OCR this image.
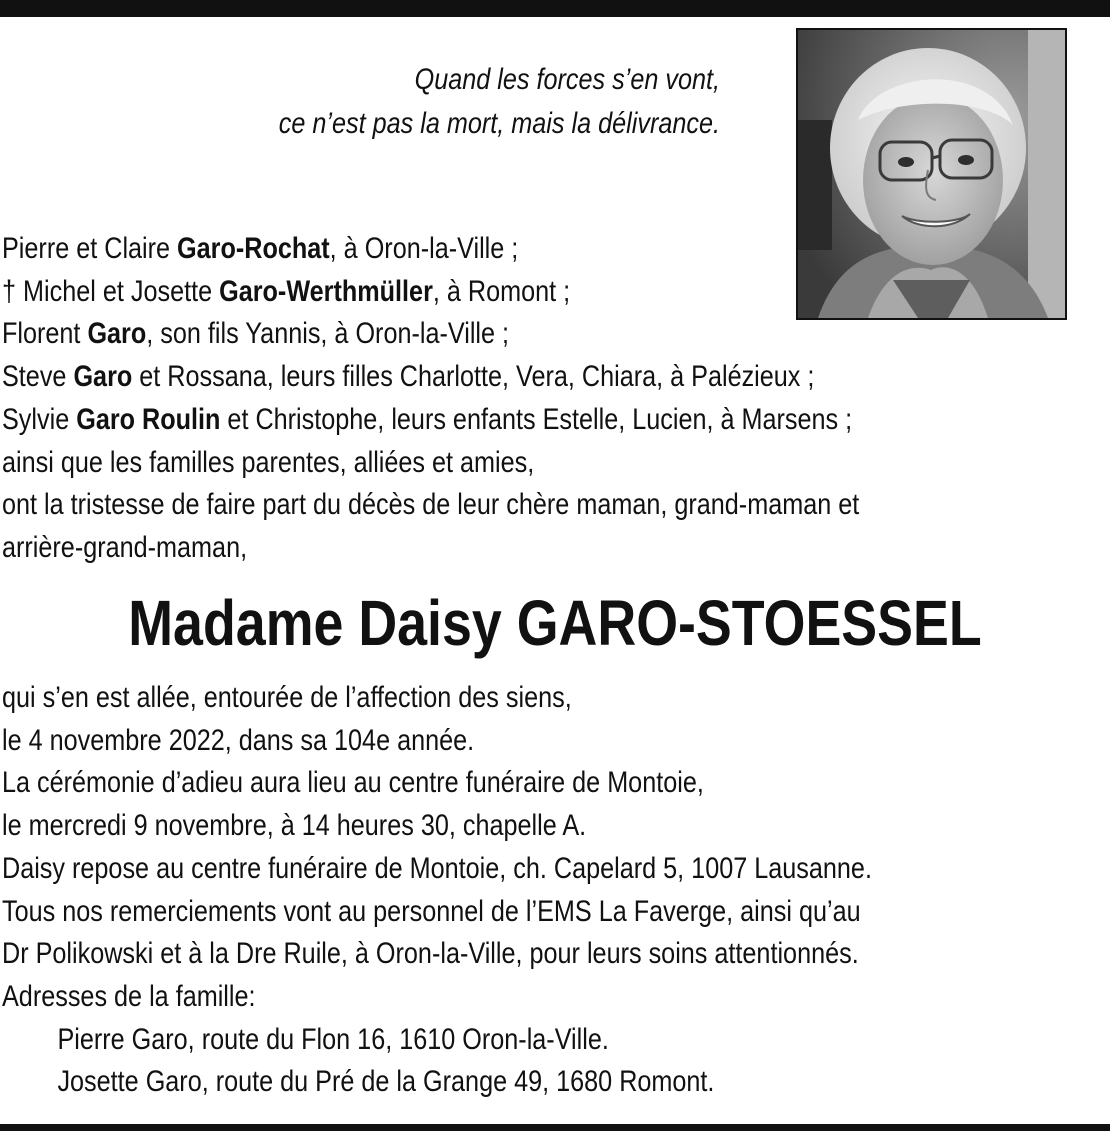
Quand les forces s’en vont,
ce n’est pas la mort, mais la délivrance.
Pierre et Claire Garo-Rochat, à Oron-la-Ville ;
† Michel et Josette Garo-Werthmüller, à Romont ;
Florent Garo, son fils Yannis, à Oron-la-Ville ;
Steve Garo et Rossana, leurs filles Charlotte, Vera, Chiara, à Palézieux ;
Sylvie Garo Roulin et Christophe, leurs enfants Estelle, Lucien, à Marsens ;
ainsi que les familles parentes, alliées et amies,
ont la tristesse de faire part du décès de leur chère maman, grand-maman et
arrière-grand-maman,
Madame Daisy GARO-STOESSEL
qui s’en est allée, entourée de l’affection des siens,
le 4 novembre 2022, dans sa 104e année.
La cérémonie d’adieu aura lieu au centre funéraire de Montoie,
le mercredi 9 novembre, à 14 heures 30, chapelle A.
Daisy repose au centre funéraire de Montoie, ch. Capelard 5, 1007 Lausanne.
Tous nos remerciements vont au personnel de l’EMS La Faverge, ainsi qu’au
Dr Polikowski et à la Dre Ruile, à Oron-la-Ville, pour leurs soins attentionnés.
Adresses de la famille:
Pierre Garo, route du Flon 16, 1610 Oron-la-Ville.
Josette Garo, route du Pré de la Grange 49, 1680 Romont.
